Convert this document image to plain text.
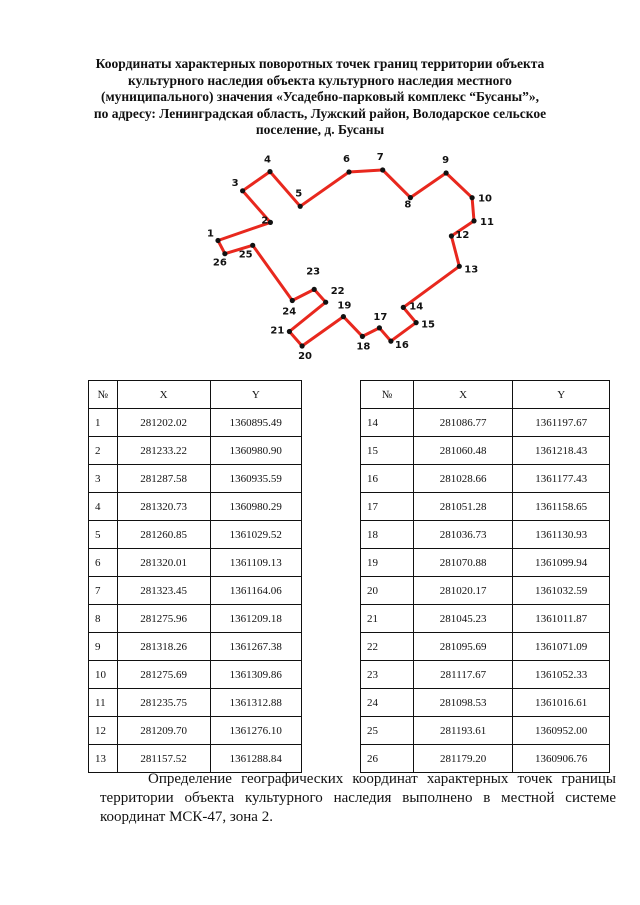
Координаты характерных поворотных точек границ территории объекта
культурного наследия объекта культурного наследия местного
(муниципального) значения «Усадебно-парковый комплекс “Бусаны”»,
по адресу: Ленинградская область, Лужский район, Володарское сельское
поселение, д. Бусаны
1
2
3
4
5
6	7
8
9
10
11
12
13
14
15
16
17
18
19
20
21
22
23
24
25
26
№	X	Y
1	281202.02	1360895.49
2	281233.22	1360980.90
3	281287.58	1360935.59
4	281320.73	1360980.29
5	281260.85	1361029.52
6	281320.01	1361109.13
7	281323.45	1361164.06
8	281275.96	1361209.18
9	281318.26	1361267.38
10	281275.69	1361309.86
11	281235.75	1361312.88
12	281209.70	1361276.10
13	281157.52	1361288.84
№	X	Y
14	281086.77	1361197.67
15	281060.48	1361218.43
16	281028.66	1361177.43
17	281051.28	1361158.65
18	281036.73	1361130.93
19	281070.88	1361099.94
20	281020.17	1361032.59
21	281045.23	1361011.87
22	281095.69	1361071.09
23	281117.67	1361052.33
24	281098.53	1361016.61
25	281193.61	1360952.00
26	281179.20	1360906.76

Определение географических координат характерных точек границы территории объекта культурного наследия выполнено в местной системе координат МСК-47, зона 2.
